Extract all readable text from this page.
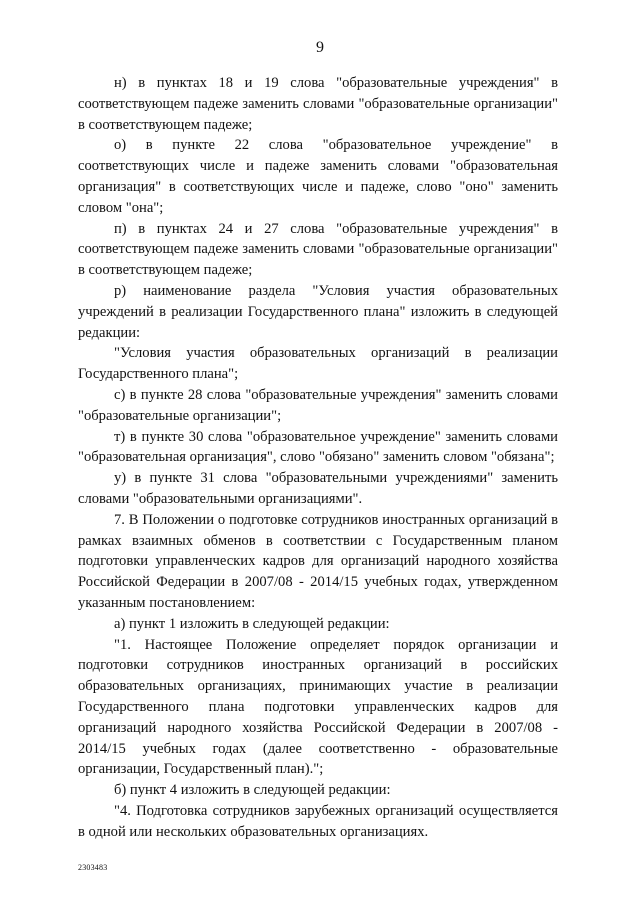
9

н) в пунктах 18 и 19 слова "образовательные учреждения" в соответствующем падеже заменить словами "образовательные организации" в соответствующем падеже;

о) в пункте 22 слова "образовательное учреждение" в соответствующих числе и падеже заменить словами "образовательная организация" в соответствующих числе и падеже, слово "оно" заменить словом "она";

п) в пунктах 24 и 27 слова "образовательные учреждения" в соответствующем падеже заменить словами "образовательные организации" в соответствующем падеже;

р) наименование раздела "Условия участия образовательных учреждений в реализации Государственного плана" изложить в следующей редакции:

"Условия участия образовательных организаций в реализации Государственного плана";

с) в пункте 28 слова "образовательные учреждения" заменить словами "образовательные организации";

т) в пункте 30 слова "образовательное учреждение" заменить словами "образовательная организация", слово "обязано" заменить словом "обязана";

у) в пункте 31 слова "образовательными учреждениями" заменить словами "образовательными организациями".

7. В Положении о подготовке сотрудников иностранных организаций в рамках взаимных обменов в соответствии с Государственным планом подготовки управленческих кадров для организаций народного хозяйства Российской Федерации в 2007/08 - 2014/15 учебных годах, утвержденном указанным постановлением:

а) пункт 1 изложить в следующей редакции:

"1. Настоящее Положение определяет порядок организации и подготовки сотрудников иностранных организаций в российских образовательных организациях, принимающих участие в реализации Государственного плана подготовки управленческих кадров для организаций народного хозяйства Российской Федерации в 2007/08 - 2014/15 учебных годах (далее соответственно - образовательные организации, Государственный план).";

б) пункт 4 изложить в следующей редакции:

"4. Подготовка сотрудников зарубежных организаций осуществляется в одной или нескольких образовательных организациях.

2303483
